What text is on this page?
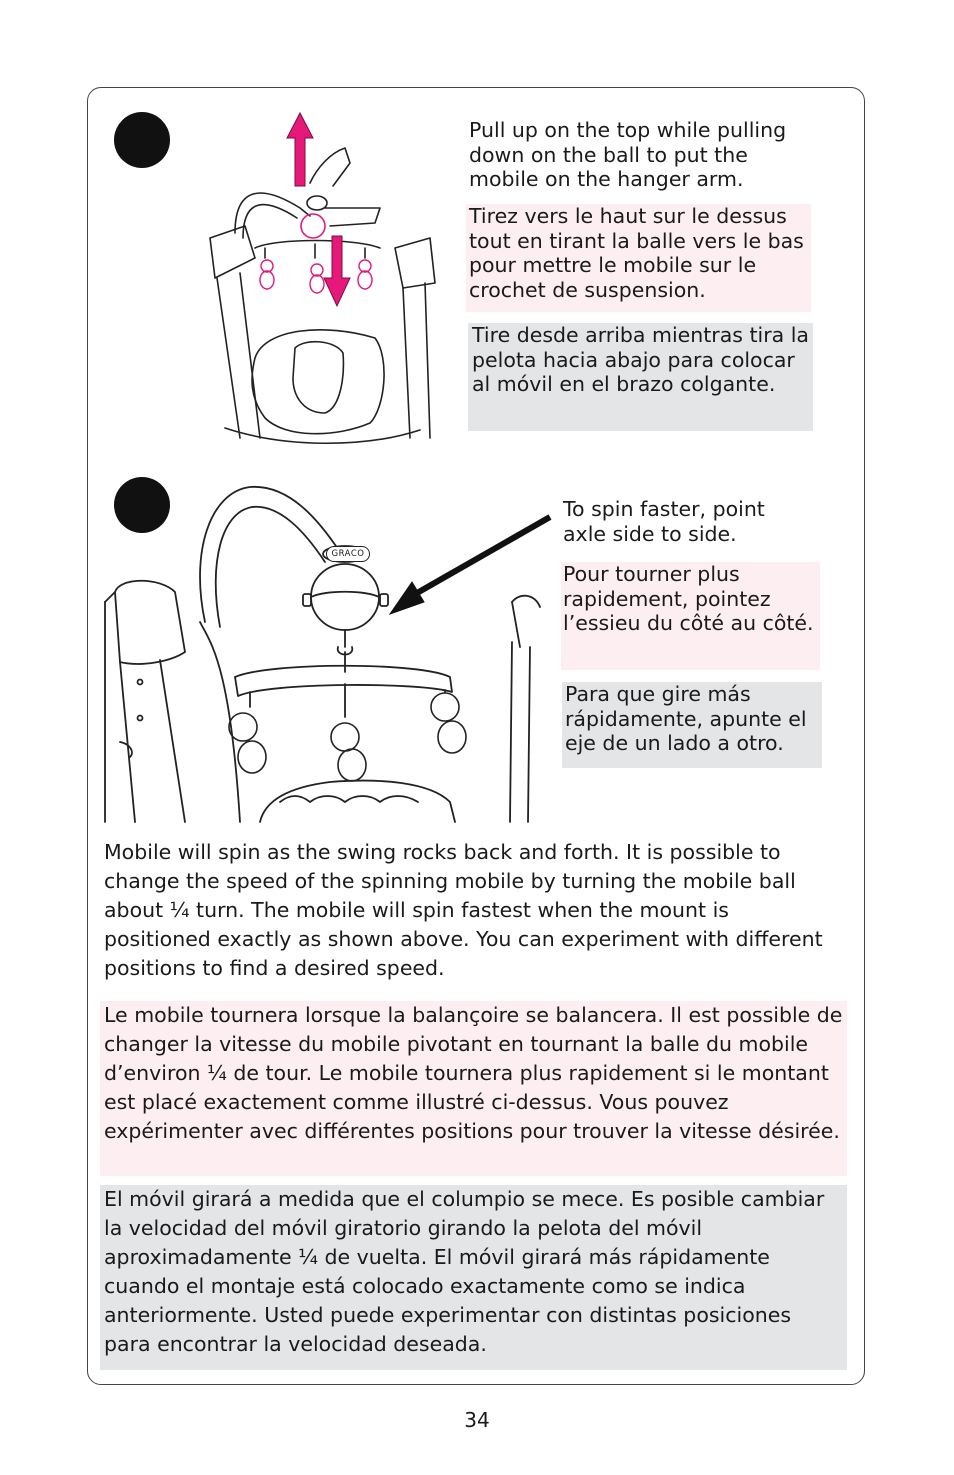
Pull up on the top while pulling down on the ball to put the mobile on the hanger arm.

Tirez vers le haut sur le dessus tout en tirant la balle vers le bas pour mettre le mobile sur le crochet de suspension.

Tire desde arriba mientras tira la pelota hacia abajo para colocar al móvil en el brazo colgante.

GRACO

To spin faster, point axle side to side.

Pour tourner plus rapidement, pointez l’essieu du côté au côté.

Para que gire más rápidamente, apunte el eje de un lado a otro.

Mobile will spin as the swing rocks back and forth. It is possible to change the speed of the spinning mobile by turning the mobile ball about ¼ turn. The mobile will spin fastest when the mount is positioned exactly as shown above. You can experiment with different positions to find a desired speed.

Le mobile tournera lorsque la balançoire se balancera. Il est possible de changer la vitesse du mobile pivotant en tournant la balle du mobile d’environ ¼ de tour. Le mobile tournera plus rapidement si le montant est placé exactement comme illustré ci-dessus. Vous pouvez expérimenter avec différentes positions pour trouver la vitesse désirée.

El móvil girará a medida que el columpio se mece. Es posible cambiar la velocidad del móvil giratorio girando la pelota del móvil aproximadamente ¼ de vuelta. El móvil girará más rápidamente cuando el montaje está colocado exactamente como se indica anteriormente. Usted puede experimentar con distintas posiciones para encontrar la velocidad deseada.

34
